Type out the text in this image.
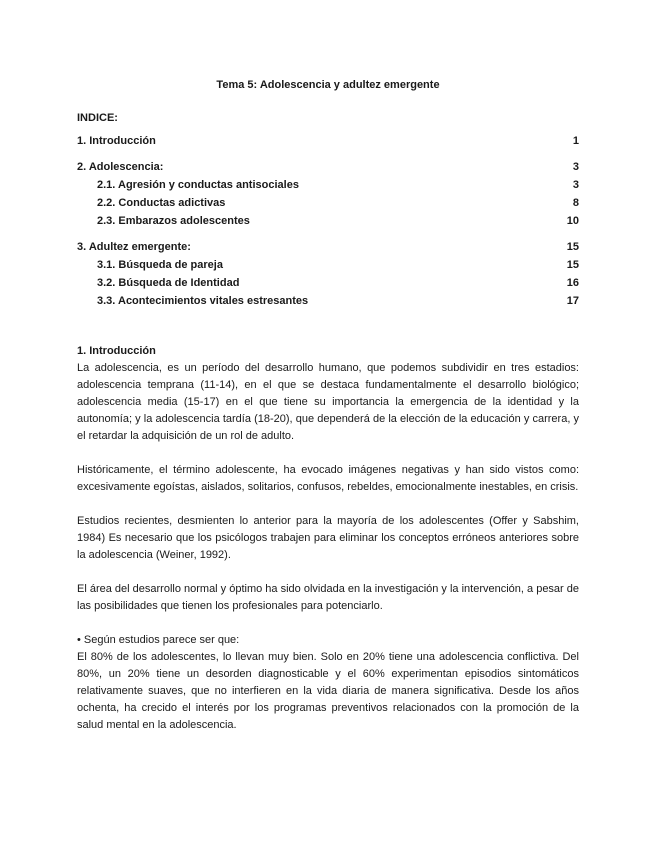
Tema 5: Adolescencia y adultez emergente
INDICE:
1. Introducción	1
2. Adolescencia:	3
2.1. Agresión y conductas antisociales	3
2.2. Conductas adictivas	8
2.3. Embarazos adolescentes	10
3. Adultez emergente:	15
3.1. Búsqueda de pareja	15
3.2. Búsqueda de Identidad	16
3.3. Acontecimientos vitales estresantes	17
1. Introducción

La adolescencia, es un período del desarrollo humano, que podemos subdividir en tres estadios: adolescencia temprana (11-14), en el que se destaca fundamentalmente el desarrollo biológico; adolescencia media (15-17) en el que tiene su importancia la emergencia de la identidad y la autonomía; y la adolescencia tardía (18-20), que dependerá de la elección de la educación y carrera, y el retardar la adquisición de un rol de adulto.

Históricamente, el término adolescente, ha evocado imágenes negativas y han sido vistos como: excesivamente egoístas, aislados, solitarios, confusos, rebeldes, emocionalmente inestables, en crisis.

Estudios recientes, desmienten lo anterior para la mayoría de los adolescentes (Offer y Sabshim, 1984) Es necesario que los psicólogos trabajen para eliminar los conceptos erróneos anteriores sobre la adolescencia (Weiner, 1992).

El área del desarrollo normal y óptimo ha sido olvidada en la investigación y la intervención, a pesar de las posibilidades que tienen los profesionales para potenciarlo.

• Según estudios parece ser que:

El 80% de los adolescentes, lo llevan muy bien. Solo en 20% tiene una adolescencia conflictiva. Del 80%, un 20% tiene un desorden diagnosticable y el 60% experimentan episodios sintomáticos relativamente suaves, que no interfieren en la vida diaria de manera significativa. Desde los años ochenta, ha crecido el interés por los programas preventivos relacionados con la promoción de la salud mental en la adolescencia.
